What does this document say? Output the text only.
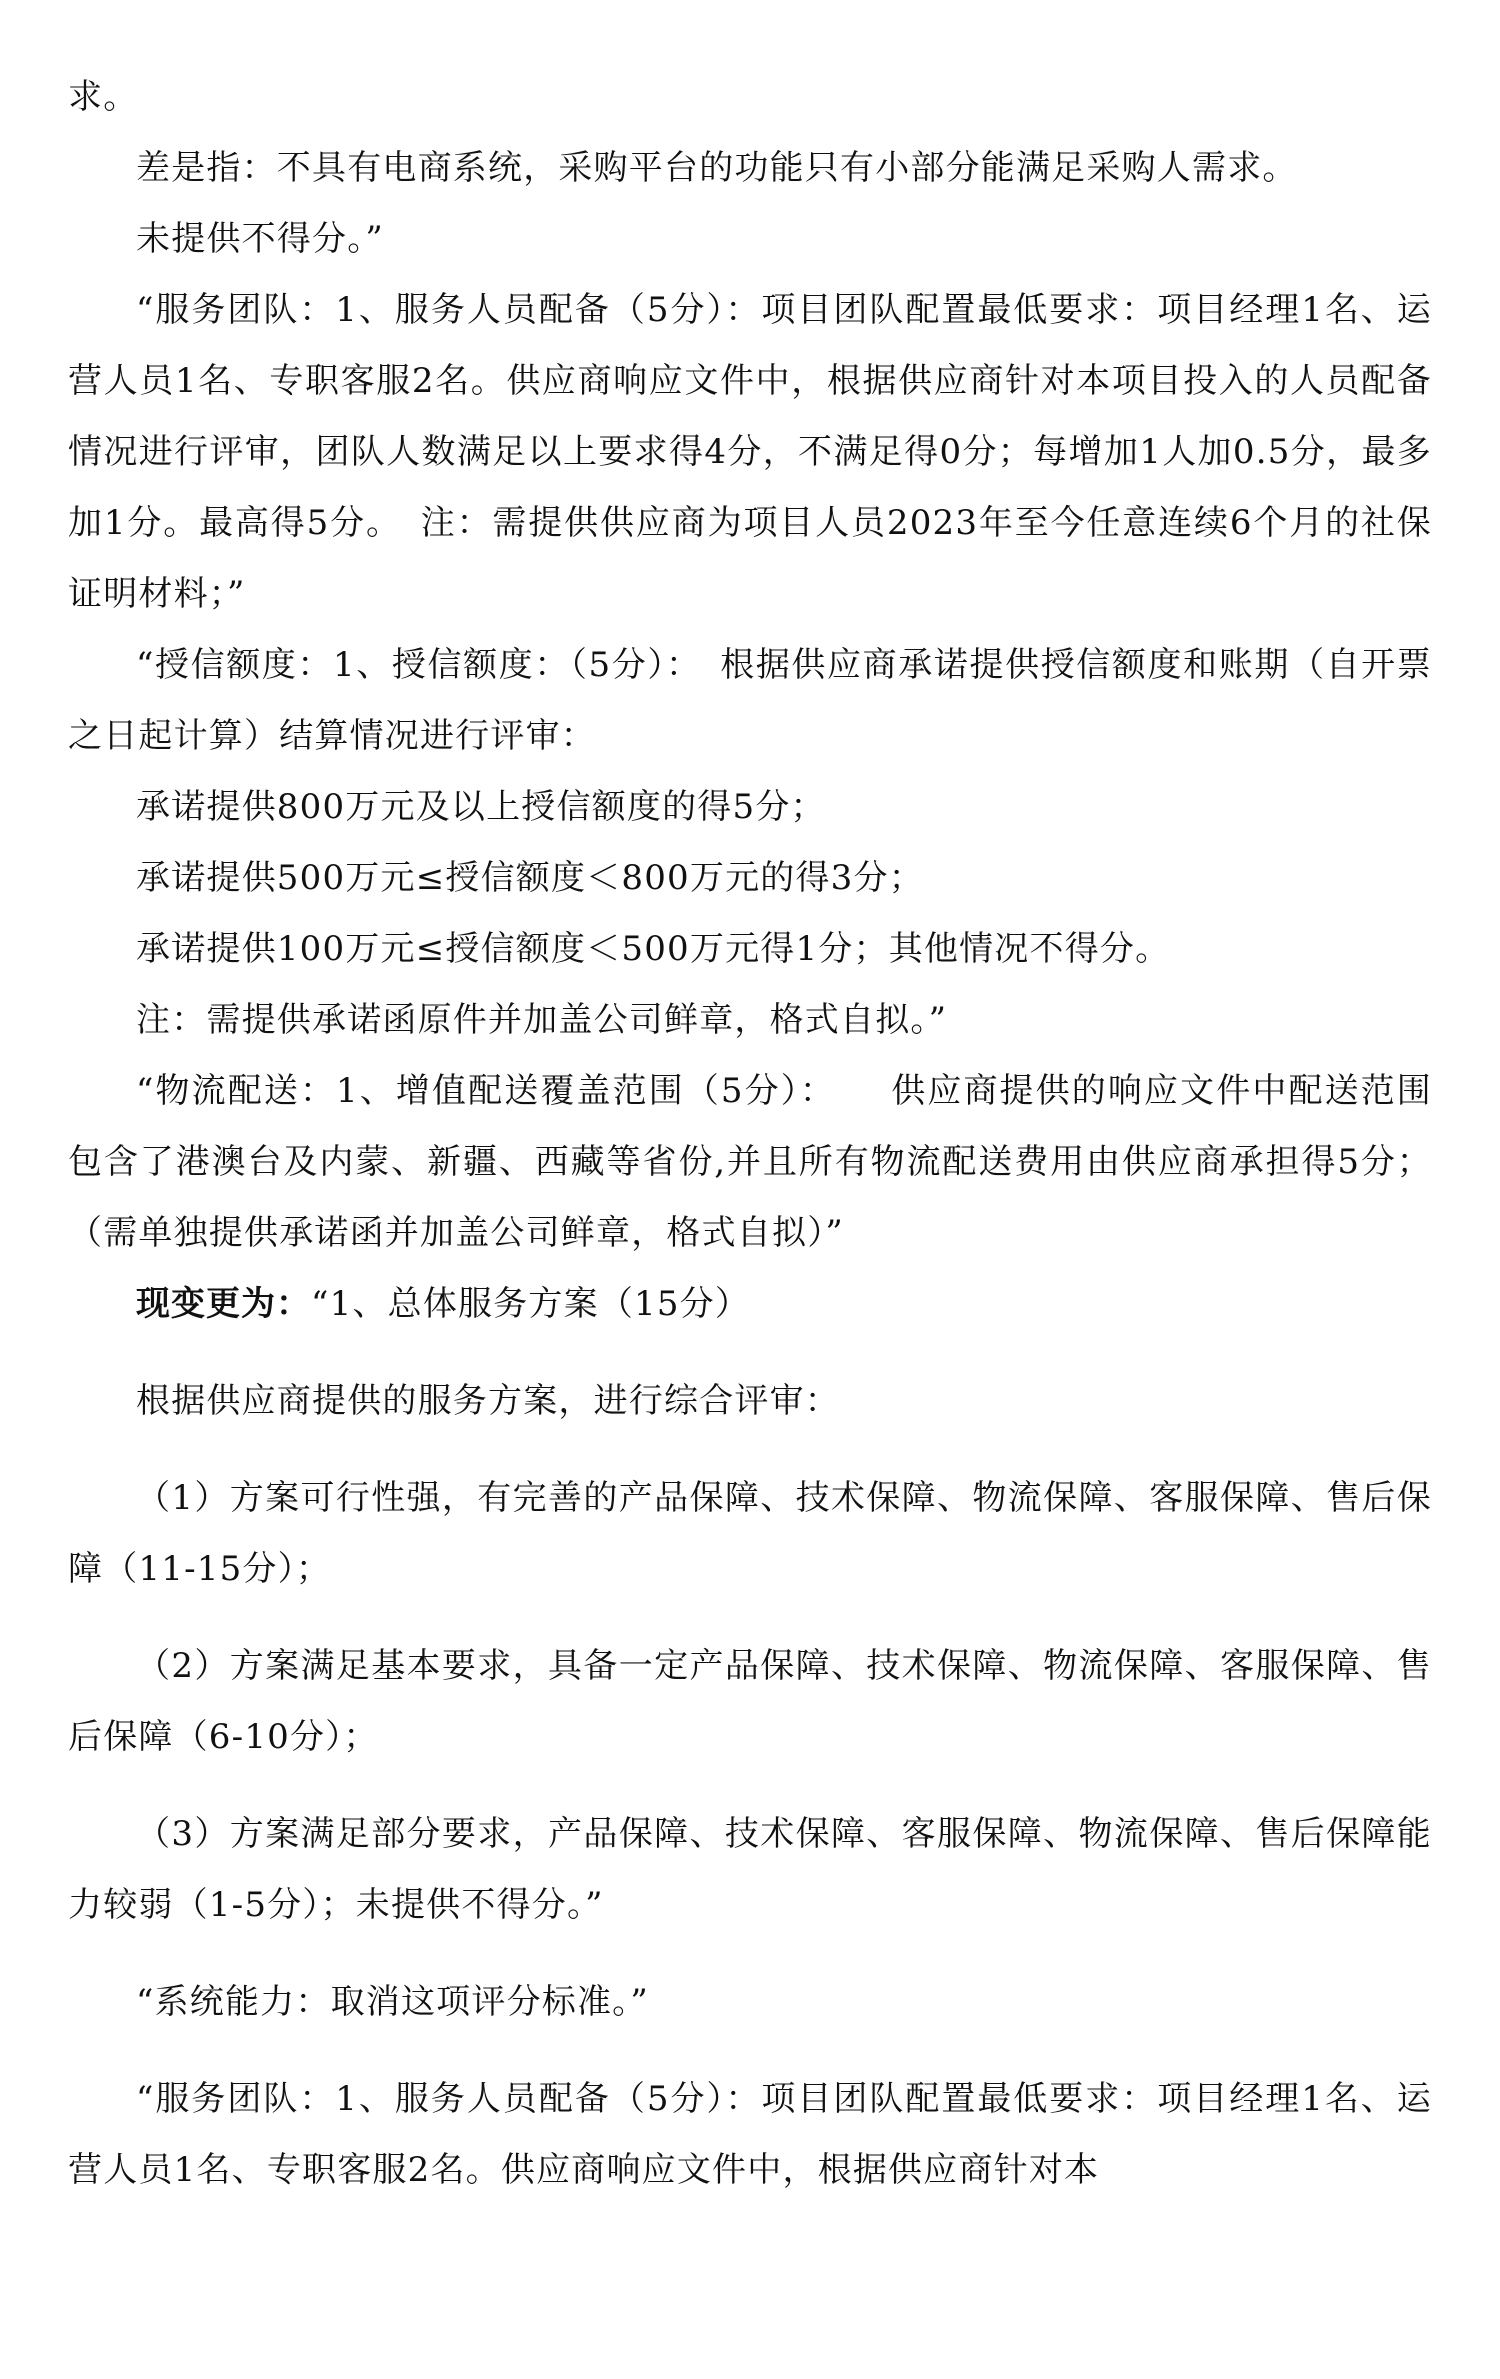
求。

差是指：不具有电商系统，采购平台的功能只有小部分能满足采购人需求。

未提供不得分。”

“服务团队：1、服务人员配备（5分）：项目团队配置最低要求：项目经理1名、运营人员1名、专职客服2名。供应商响应文件中，根据供应商针对本项目投入的人员配备情况进行评审，团队人数满足以上要求得4分，不满足得0分；每增加1人加0.5分，最多加1分。最高得5分。　注：需提供供应商为项目人员2023年至今任意连续6个月的社保证明材料；”

“授信额度：1、授信额度：（5分）：　根据供应商承诺提供授信额度和账期（自开票之日起计算）结算情况进行评审：

承诺提供800万元及以上授信额度的得5分；

承诺提供500万元≤授信额度＜800万元的得3分；

承诺提供100万元≤授信额度＜500万元得1分；其他情况不得分。

注：需提供承诺函原件并加盖公司鲜章，格式自拟。”

“物流配送：1、增值配送覆盖范围（5分）：　　供应商提供的响应文件中配送范围包含了港澳台及内蒙、新疆、西藏等省份,并且所有物流配送费用由供应商承担得5分；（需单独提供承诺函并加盖公司鲜章，格式自拟）”

现变更为：“1、总体服务方案（15分）

根据供应商提供的服务方案，进行综合评审：

（1）方案可行性强，有完善的产品保障、技术保障、物流保障、客服保障、售后保障（11-15分）；

（2）方案满足基本要求，具备一定产品保障、技术保障、物流保障、客服保障、售后保障（6-10分）；

（3）方案满足部分要求，产品保障、技术保障、客服保障、物流保障、售后保障能力较弱（1-5分）；未提供不得分。”

“系统能力：取消这项评分标准。”

“服务团队：1、服务人员配备（5分）：项目团队配置最低要求：项目经理1名、运营人员1名、专职客服2名。供应商响应文件中，根据供应商针对本
